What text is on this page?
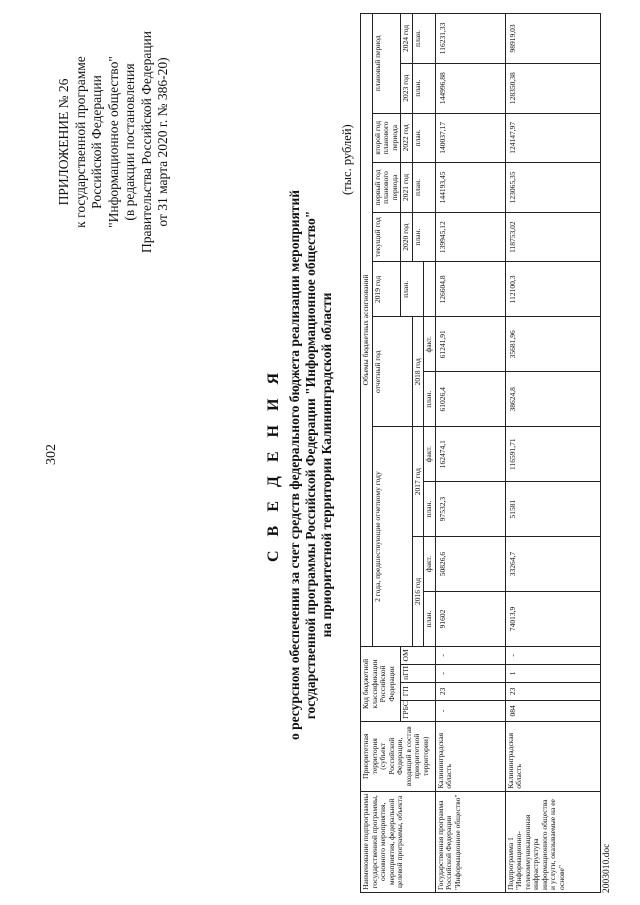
302
ПРИЛОЖЕНИЕ № 26 к государственной программе Российской Федерации "Информационное общество" (в редакции постановления Правительства Российской Федерации от 31 марта 2020 г. № 386-20)
С В Е Д Е Н И Я о ресурсном обеспечении за счет средств федерального бюджета реализации мероприятий государственной программы Российской Федерации "Информационное общество" на приоритетной территории Калининградской области
(тыс. рублей)
Наименование подпрограммы государственной программы, основного мероприятия, мероприятия, федеральной целевой программы, объекта	Приоритетная территория (субъект Российской Федерации, входящий в состав приоритетной территории)	Код бюджетной классификации Российской Федерации				Объемы бюджетных ассигнований											
						2 года, предшествующие отчетному году				отчетный год		2019 год	текущий год	первый год планового периода	второй год планового периода	плановый период	
		ГРБС	ГП	пГП	ОМ							план.	2020 год	2021 год	2022 год	2023 год	2024 год
						2016 год		2017 год		2018 год			план.	план.	план.	план.	план.
						план.	факт.	план.	факт.	план.	факт.						
Государственная программа Российской Федерации "Информационное общество"	Калининградская область	-	23	-	-	91602	50826,6	97532,3	162474,1	61026,4	61241,91	126604,8	139945,12	144193,45	140037,17	144996,88	116231,33
Подпрограмма 1 "Информационно-телекоммуникационная инфраструктура информационного общества и услуги, оказываемые на ее основе"	Калининградская область	084	23	1	-	74013,9	33264,7	51581	116591,71	38624,8	35681,96	112100,3	118753,02	123065,35	124147,97	128350,38	98919,03
2003010.doc
